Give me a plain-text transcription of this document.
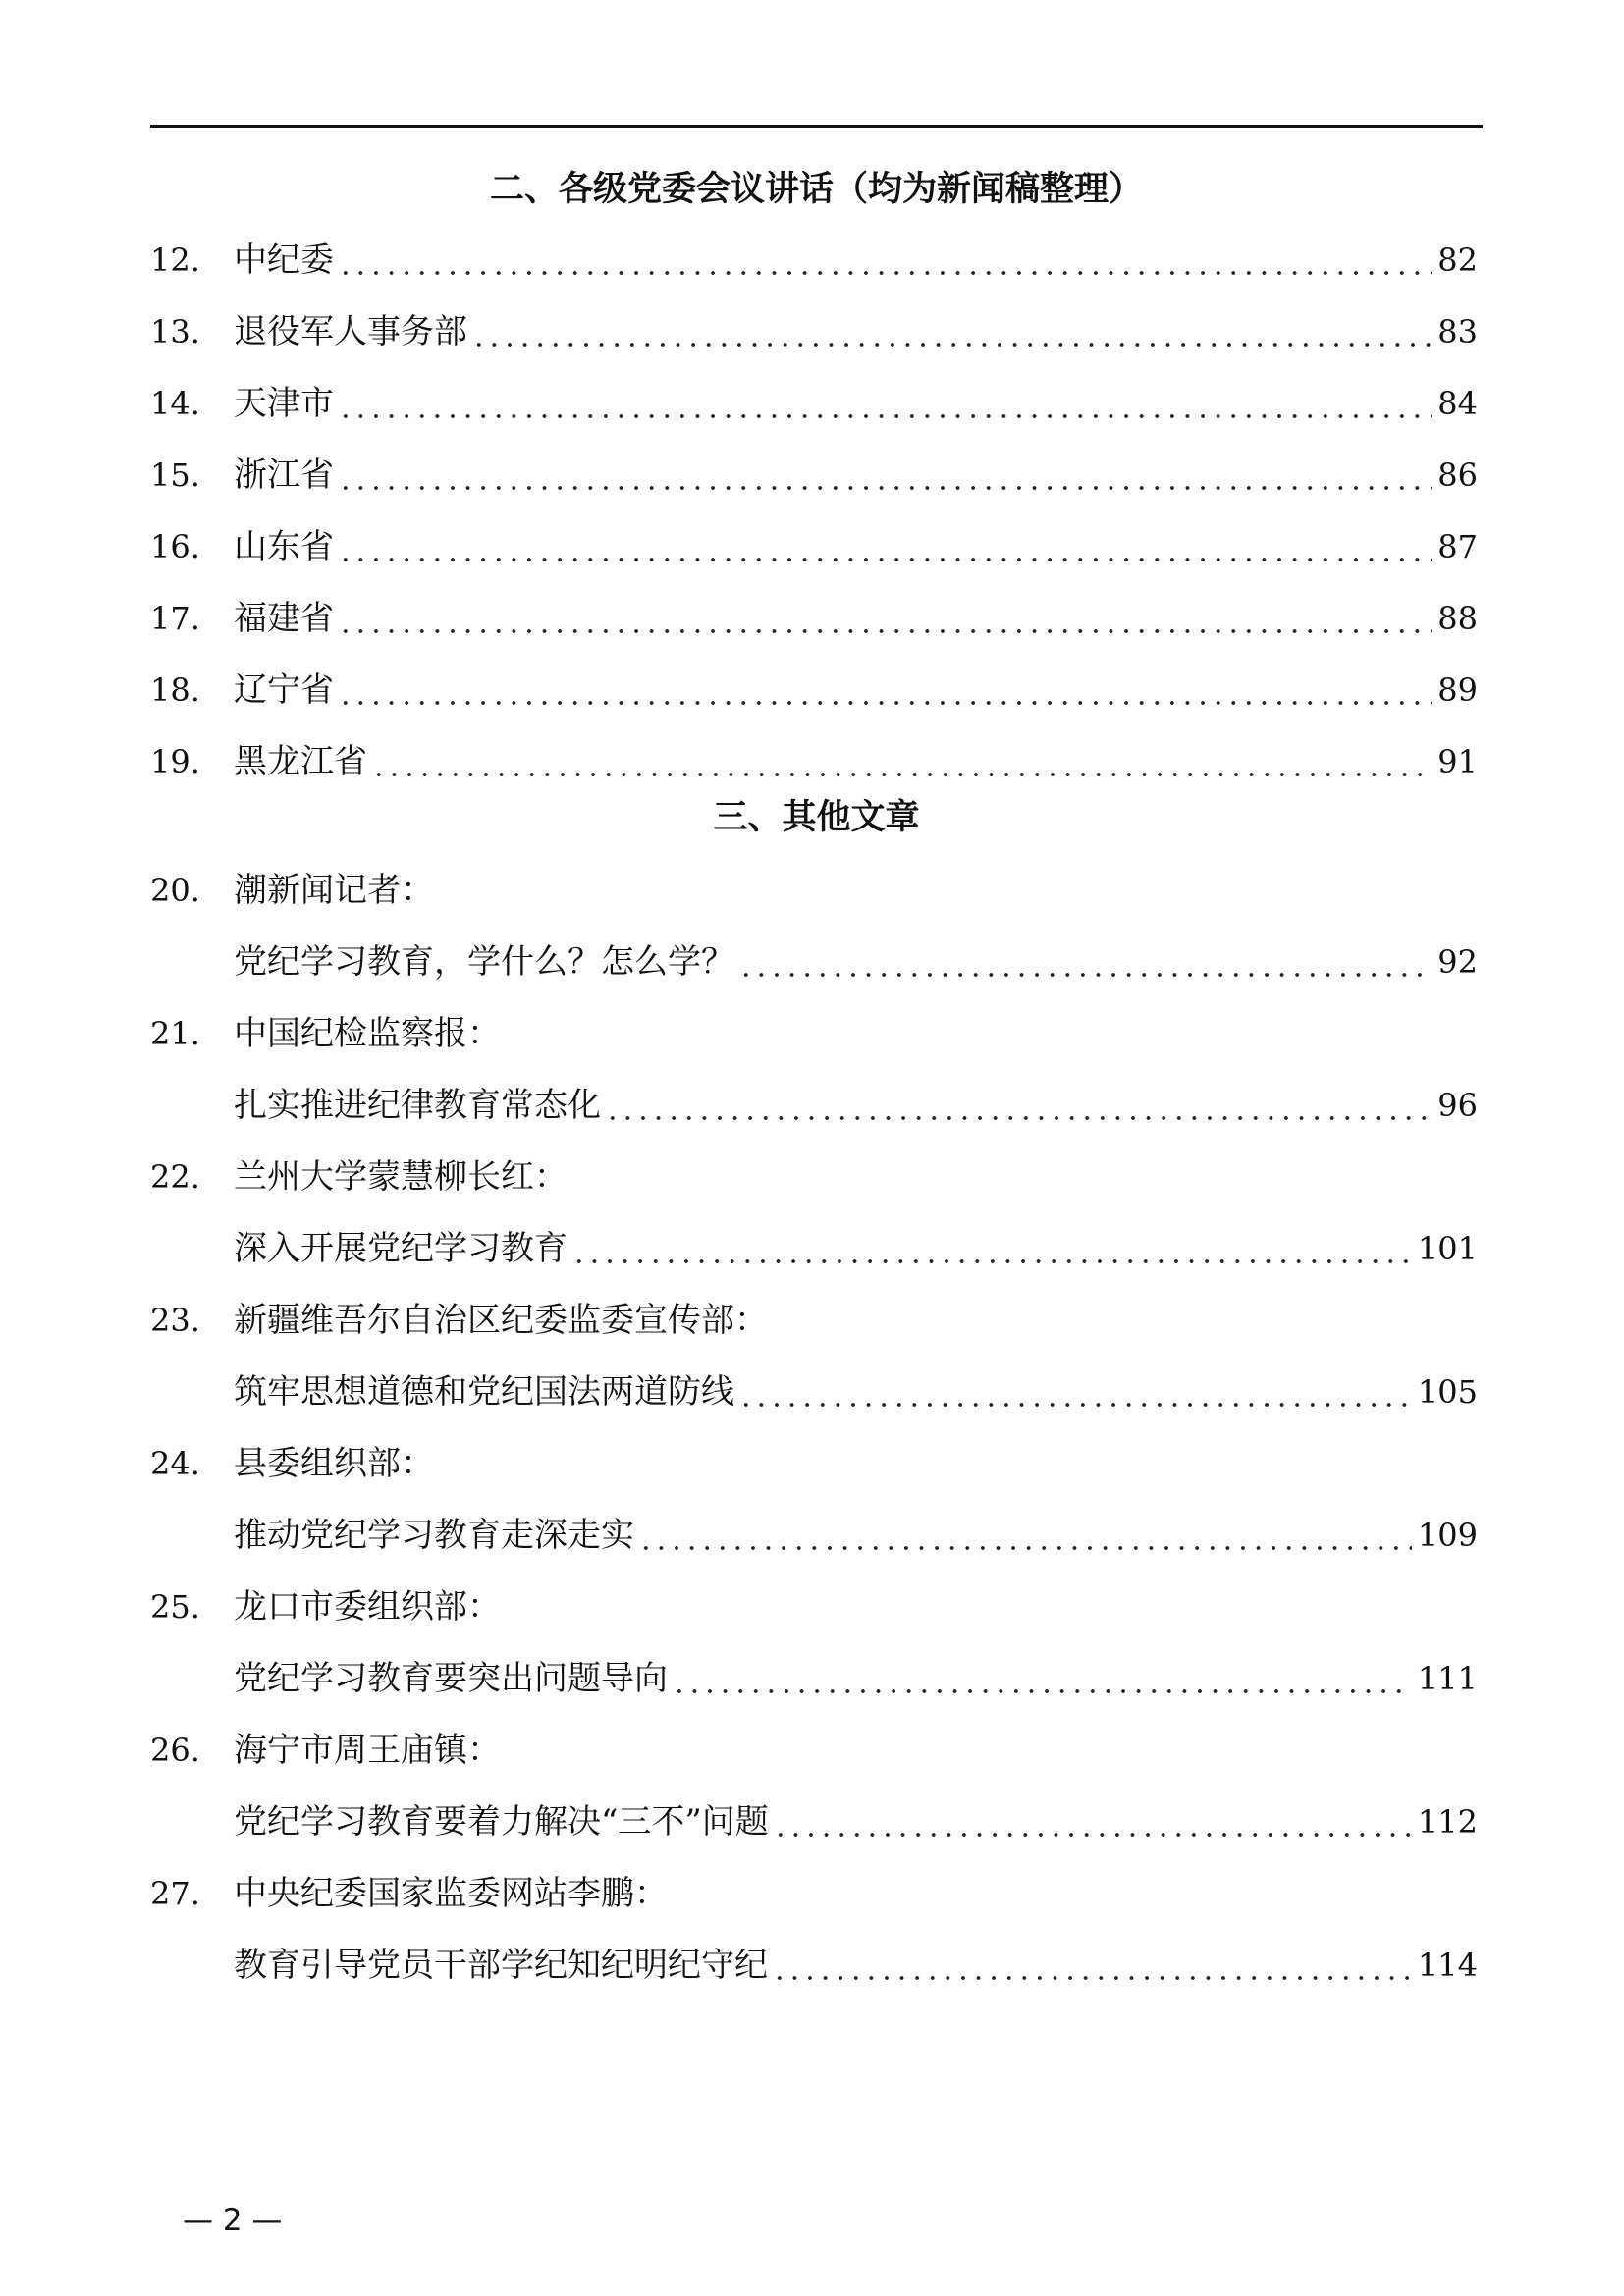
二、各级党委会议讲话（均为新闻稿整理）
12.	中纪委	82
13.	退役军人事务部	83
14.	天津市	84
15.	浙江省	86
16.	山东省	87
17.	福建省	88
18.	辽宁省	89
19.	黑龙江省	91
三、其他文章
20.	潮新闻记者：
党纪学习教育，学什么？怎么学？	92
21.	中国纪检监察报：
扎实推进纪律教育常态化	96
22.	兰州大学蒙慧柳长红：
深入开展党纪学习教育	101
23.	新疆维吾尔自治区纪委监委宣传部：
筑牢思想道德和党纪国法两道防线	105
24.	县委组织部：
推动党纪学习教育走深走实	109
25.	龙口市委组织部：
党纪学习教育要突出问题导向	111
26.	海宁市周王庙镇：
党纪学习教育要着力解决“三不”问题	112
27.	中央纪委国家监委网站李鹏：
教育引导党员干部学纪知纪明纪守纪	114
— 2 —
